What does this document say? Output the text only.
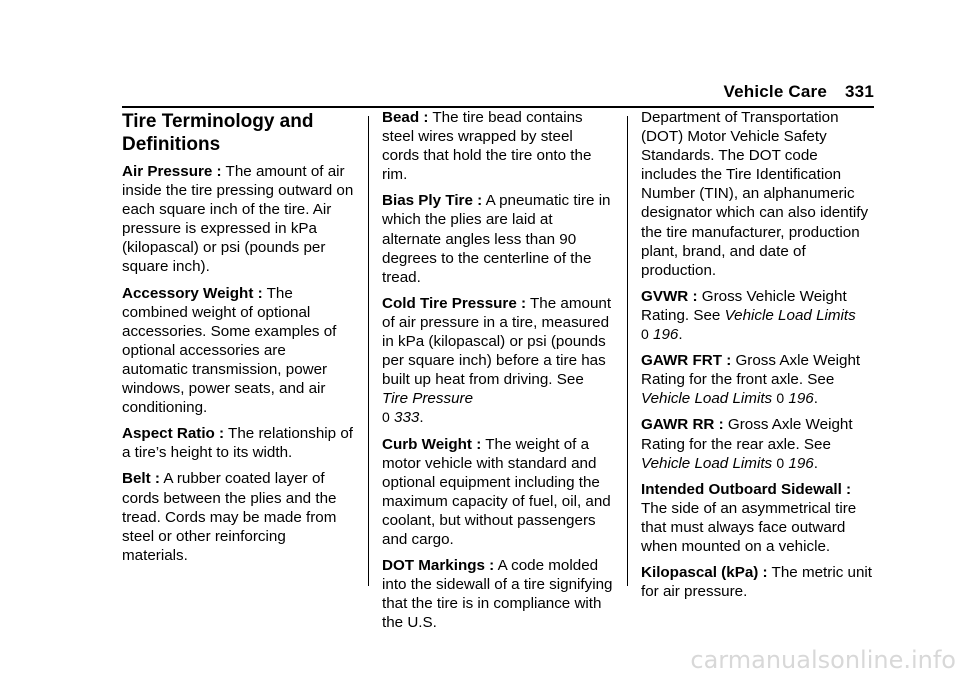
Vehicle Care 331
Tire Terminology and Definitions
Air Pressure : The amount of air inside the tire pressing outward on each square inch of the tire. Air pressure is expressed in kPa (kilopascal) or psi (pounds per square inch).
Accessory Weight : The combined weight of optional accessories. Some examples of optional accessories are automatic transmission, power windows, power seats, and air conditioning.
Aspect Ratio : The relationship of a tire’s height to its width.
Belt : A rubber coated layer of cords between the plies and the tread. Cords may be made from steel or other reinforcing materials.
Bead : The tire bead contains steel wires wrapped by steel cords that hold the tire onto the rim.
Bias Ply Tire : A pneumatic tire in which the plies are laid at alternate angles less than 90 degrees to the centerline of the tread.
Cold Tire Pressure : The amount of air pressure in a tire, measured in kPa (kilopascal) or psi (pounds per square inch) before a tire has built up heat from driving. See Tire Pressure
0 333.
Curb Weight : The weight of a motor vehicle with standard and optional equipment including the maximum capacity of fuel, oil, and coolant, but without passengers and cargo.
DOT Markings : A code molded into the sidewall of a tire signifying that the tire is in compliance with the U.S.
Department of Transportation (DOT) Motor Vehicle Safety Standards. The DOT code includes the Tire Identification Number (TIN), an alphanumeric designator which can also identify the tire manufacturer, production plant, brand, and date of production.
GVWR : Gross Vehicle Weight Rating. See Vehicle Load Limits
0 196.
GAWR FRT : Gross Axle Weight Rating for the front axle. See Vehicle Load Limits 0 196.
GAWR RR : Gross Axle Weight Rating for the rear axle. See Vehicle Load Limits 0 196.
Intended Outboard Sidewall : The side of an asymmetrical tire that must always face outward when mounted on a vehicle.
Kilopascal (kPa) : The metric unit for air pressure.
carmanualsonline.info
